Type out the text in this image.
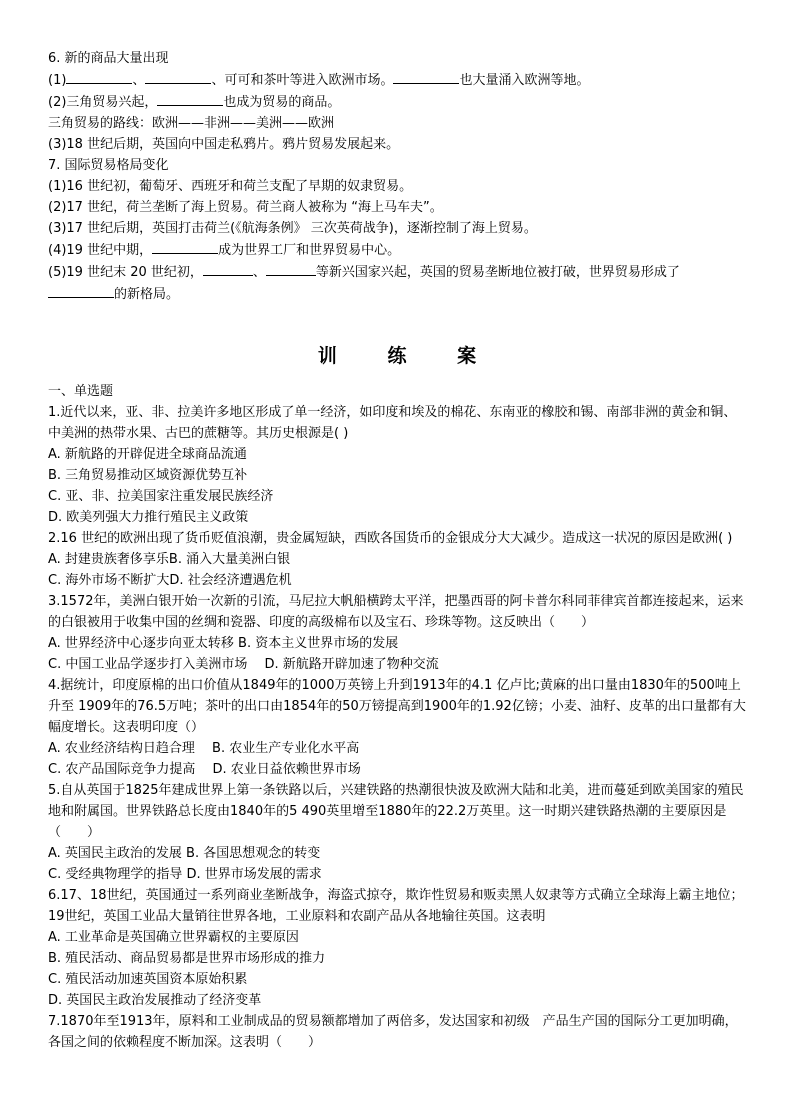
6. 新的商品大量出现
(1)	、	、可可和茶叶等进入欧洲市场。	也大量涌入欧洲等地。
(2)三角贸易兴起，	也成为贸易的商品。
三角贸易的路线：欧洲——非洲——美洲——欧洲
(3)18 世纪后期，英国向中国走私鸦片。鸦片贸易发展起来。
7. 国际贸易格局变化
(1)16 世纪初，葡萄牙、西班牙和荷兰支配了早期的奴隶贸易。
(2)17 世纪，荷兰垄断了海上贸易。荷兰商人被称为 “海上马车夫”。
(3)17 世纪后期，英国打击荷兰(《航海条例》 三次英荷战争)，逐渐控制了海上贸易。
(4)19 世纪中期，	成为世界工厂和世界贸易中心。
(5)19 世纪末 20 世纪初，	、	等新兴国家兴起，英国的贸易垄断地位被打破，世界贸易形成了
的新格局。
训 练 案
一、单选题
1.近代以来，亚、非、拉美许多地区形成了单一经济，如印度和埃及的棉花、东南亚的橡胶和锡、南部非洲的黄金和铜、中美洲的热带水果、古巴的蔗糖等。其历史根源是( )
A. 新航路的开辟促进全球商品流通
B. 三角贸易推动区域资源优势互补
C. 亚、非、拉美国家注重发展民族经济
D. 欧美列强大力推行殖民主义政策
2.16 世纪的欧洲出现了货币贬值浪潮，贵金属短缺，西欧各国货币的金银成分大大减少。造成这一状况的原因是欧洲( )
A. 封建贵族奢侈享乐B. 涌入大量美洲白银
C. 海外市场不断扩大D. 社会经济遭遇危机
3.1572年，美洲白银开始一次新的引流，马尼拉大帆船横跨太平洋，把墨西哥的阿卡普尔科同菲律宾首都连接起来，运来的白银被用于收集中国的丝绸和瓷器、印度的高级棉布以及宝石、珍珠等物。这反映出（　　）
A. 世界经济中心逐步向亚太转移 B. 资本主义世界市场的发展
C. 中国工业品学逐步打入美洲市场　 D. 新航路开辟加速了物种交流
4.据统计，印度原棉的出口价值从1849年的1000万英镑上升到1913年的4.1 亿卢比;黄麻的出口量由1830年的500吨上升至 1909年的76.5万吨；茶叶的出口由1854年的50万镑提高到1900年的1.92亿镑；小麦、油籽、皮革的出口量都有大幅度增长。这表明印度（）
A. 农业经济结构日趋合理　 B. 农业生产专业化水平高
C. 农产品国际竞争力提高　 D. 农业日益依赖世界市场
5.自从英国于1825年建成世界上第一条铁路以后，兴建铁路的热潮很快波及欧洲大陆和北美，进而蔓延到欧美国家的殖民地和附属国。世界铁路总长度由1840年的5 490英里增至1880年的22.2万英里。这一时期兴建铁路热潮的主要原因是（　　）
A. 英国民主政治的发展 B. 各国思想观念的转变
C. 受经典物理学的指导 D. 世界市场发展的需求
6.17、18世纪，英国通过一系列商业垄断战争，海盗式掠夺，欺诈性贸易和贩卖黑人奴隶等方式确立全球海上霸主地位；19世纪，英国工业品大量销往世界各地，工业原料和农副产品从各地输往英国。这表明
A. 工业革命是英国确立世界霸权的主要原因
B. 殖民活动、商品贸易都是世界市场形成的推力
C. 殖民活动加速英国资本原始积累
D. 英国民主政治发展推动了经济变革
7.1870年至1913年，原料和工业制成品的贸易额都增加了两倍多，发达国家和初级　产品生产国的国际分工更加明确，各国之间的依赖程度不断加深。这表明（　　）
